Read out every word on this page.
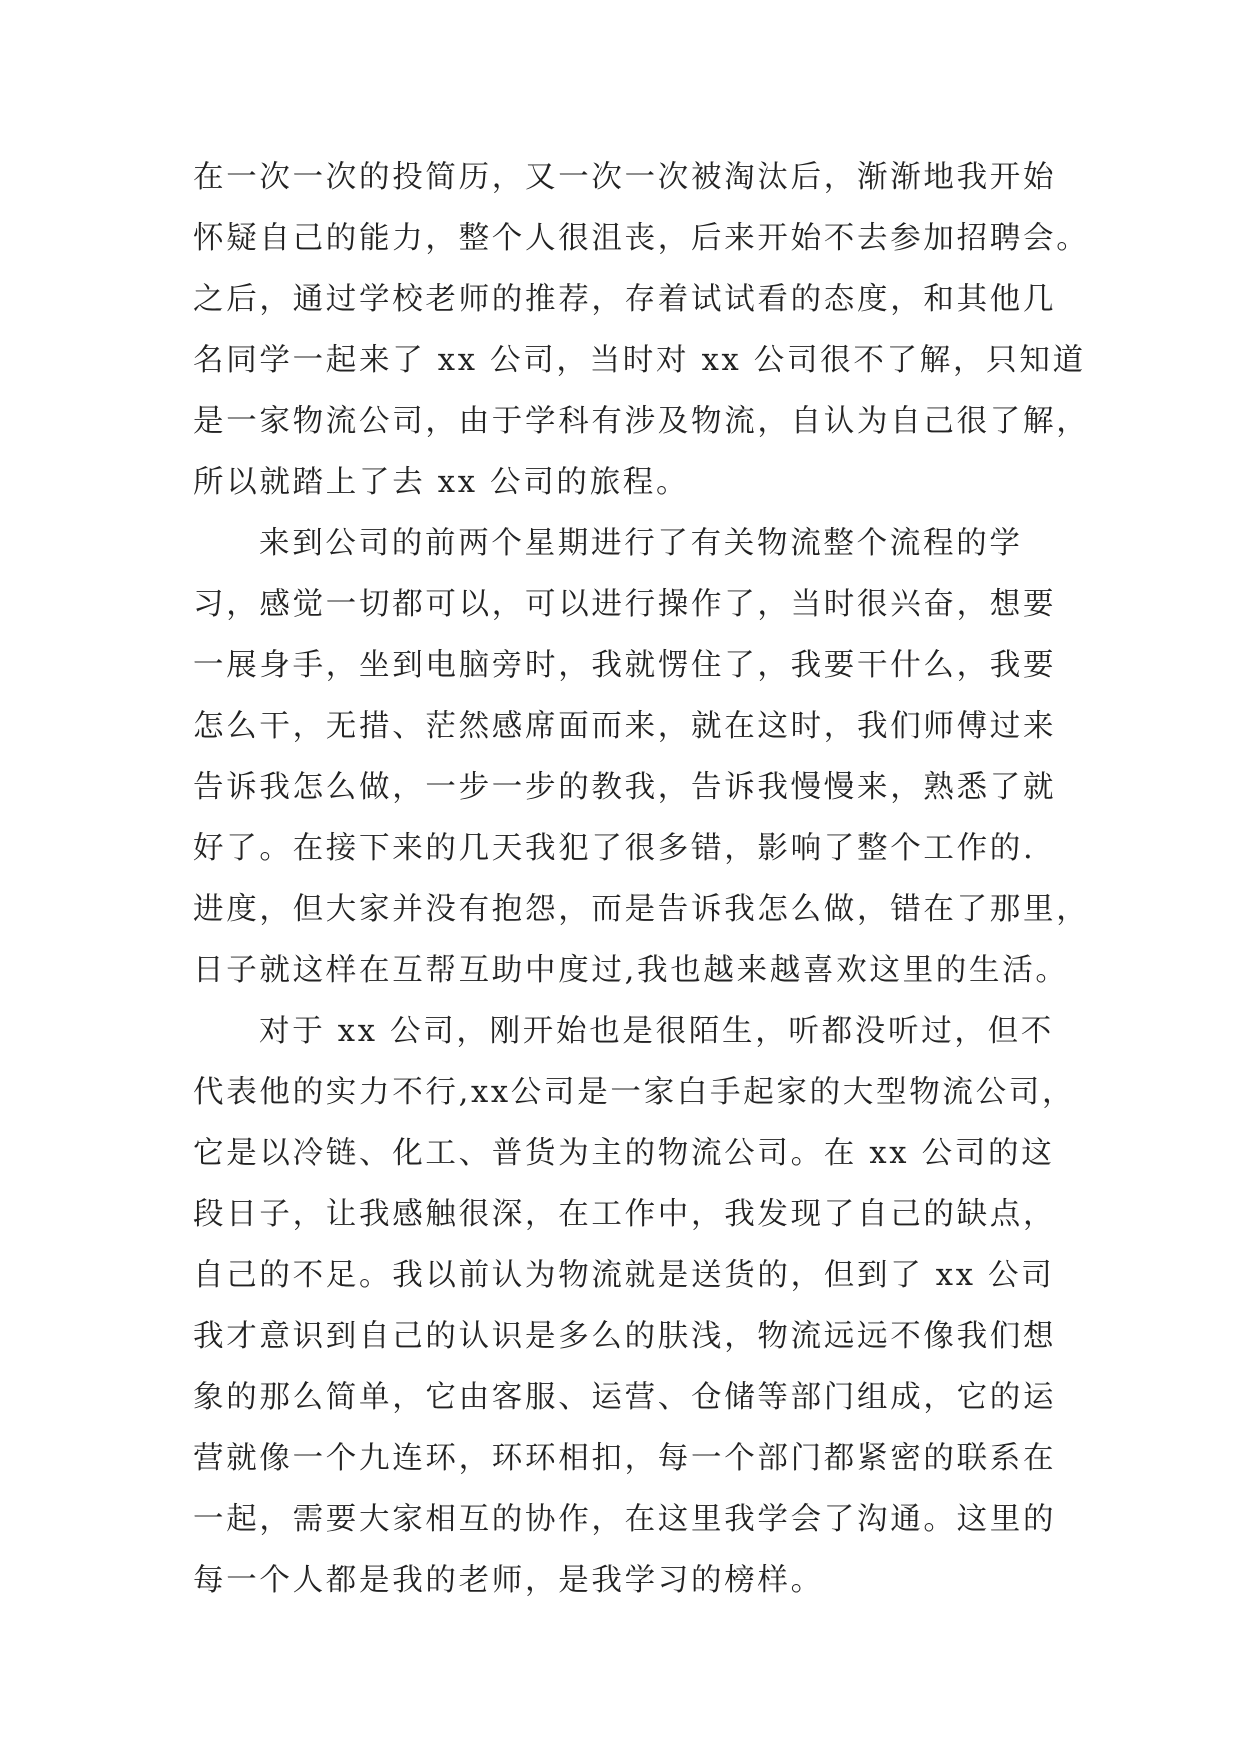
在一次一次的投简历，又一次一次被淘汰后，渐渐地我开始
怀疑自己的能力，整个人很沮丧，后来开始不去参加招聘会。
之后，通过学校老师的推荐，存着试试看的态度，和其他几
名同学一起来了 xx 公司，当时对 xx 公司很不了解，只知道
是一家物流公司，由于学科有涉及物流，自认为自己很了解，
所以就踏上了去 xx 公司的旅程。
来到公司的前两个星期进行了有关物流整个流程的学
习，感觉一切都可以，可以进行操作了，当时很兴奋，想要
一展身手，坐到电脑旁时，我就愣住了，我要干什么，我要
怎么干，无措、茫然感席面而来，就在这时，我们师傅过来
告诉我怎么做，一步一步的教我，告诉我慢慢来，熟悉了就
好了。在接下来的几天我犯了很多错，影响了整个工作的.
进度，但大家并没有抱怨，而是告诉我怎么做，错在了那里，
日子就这样在互帮互助中度过,我也越来越喜欢这里的生活。
对于 xx 公司，刚开始也是很陌生，听都没听过，但不
代表他的实力不行,xx公司是一家白手起家的大型物流公司，
它是以冷链、化工、普货为主的物流公司。在 xx 公司的这
段日子，让我感触很深，在工作中，我发现了自己的缺点，
自己的不足。我以前认为物流就是送货的，但到了 xx 公司
我才意识到自己的认识是多么的肤浅，物流远远不像我们想
象的那么简单，它由客服、运营、仓储等部门组成，它的运
营就像一个九连环，环环相扣，每一个部门都紧密的联系在
一起，需要大家相互的协作，在这里我学会了沟通。这里的
每一个人都是我的老师，是我学习的榜样。
